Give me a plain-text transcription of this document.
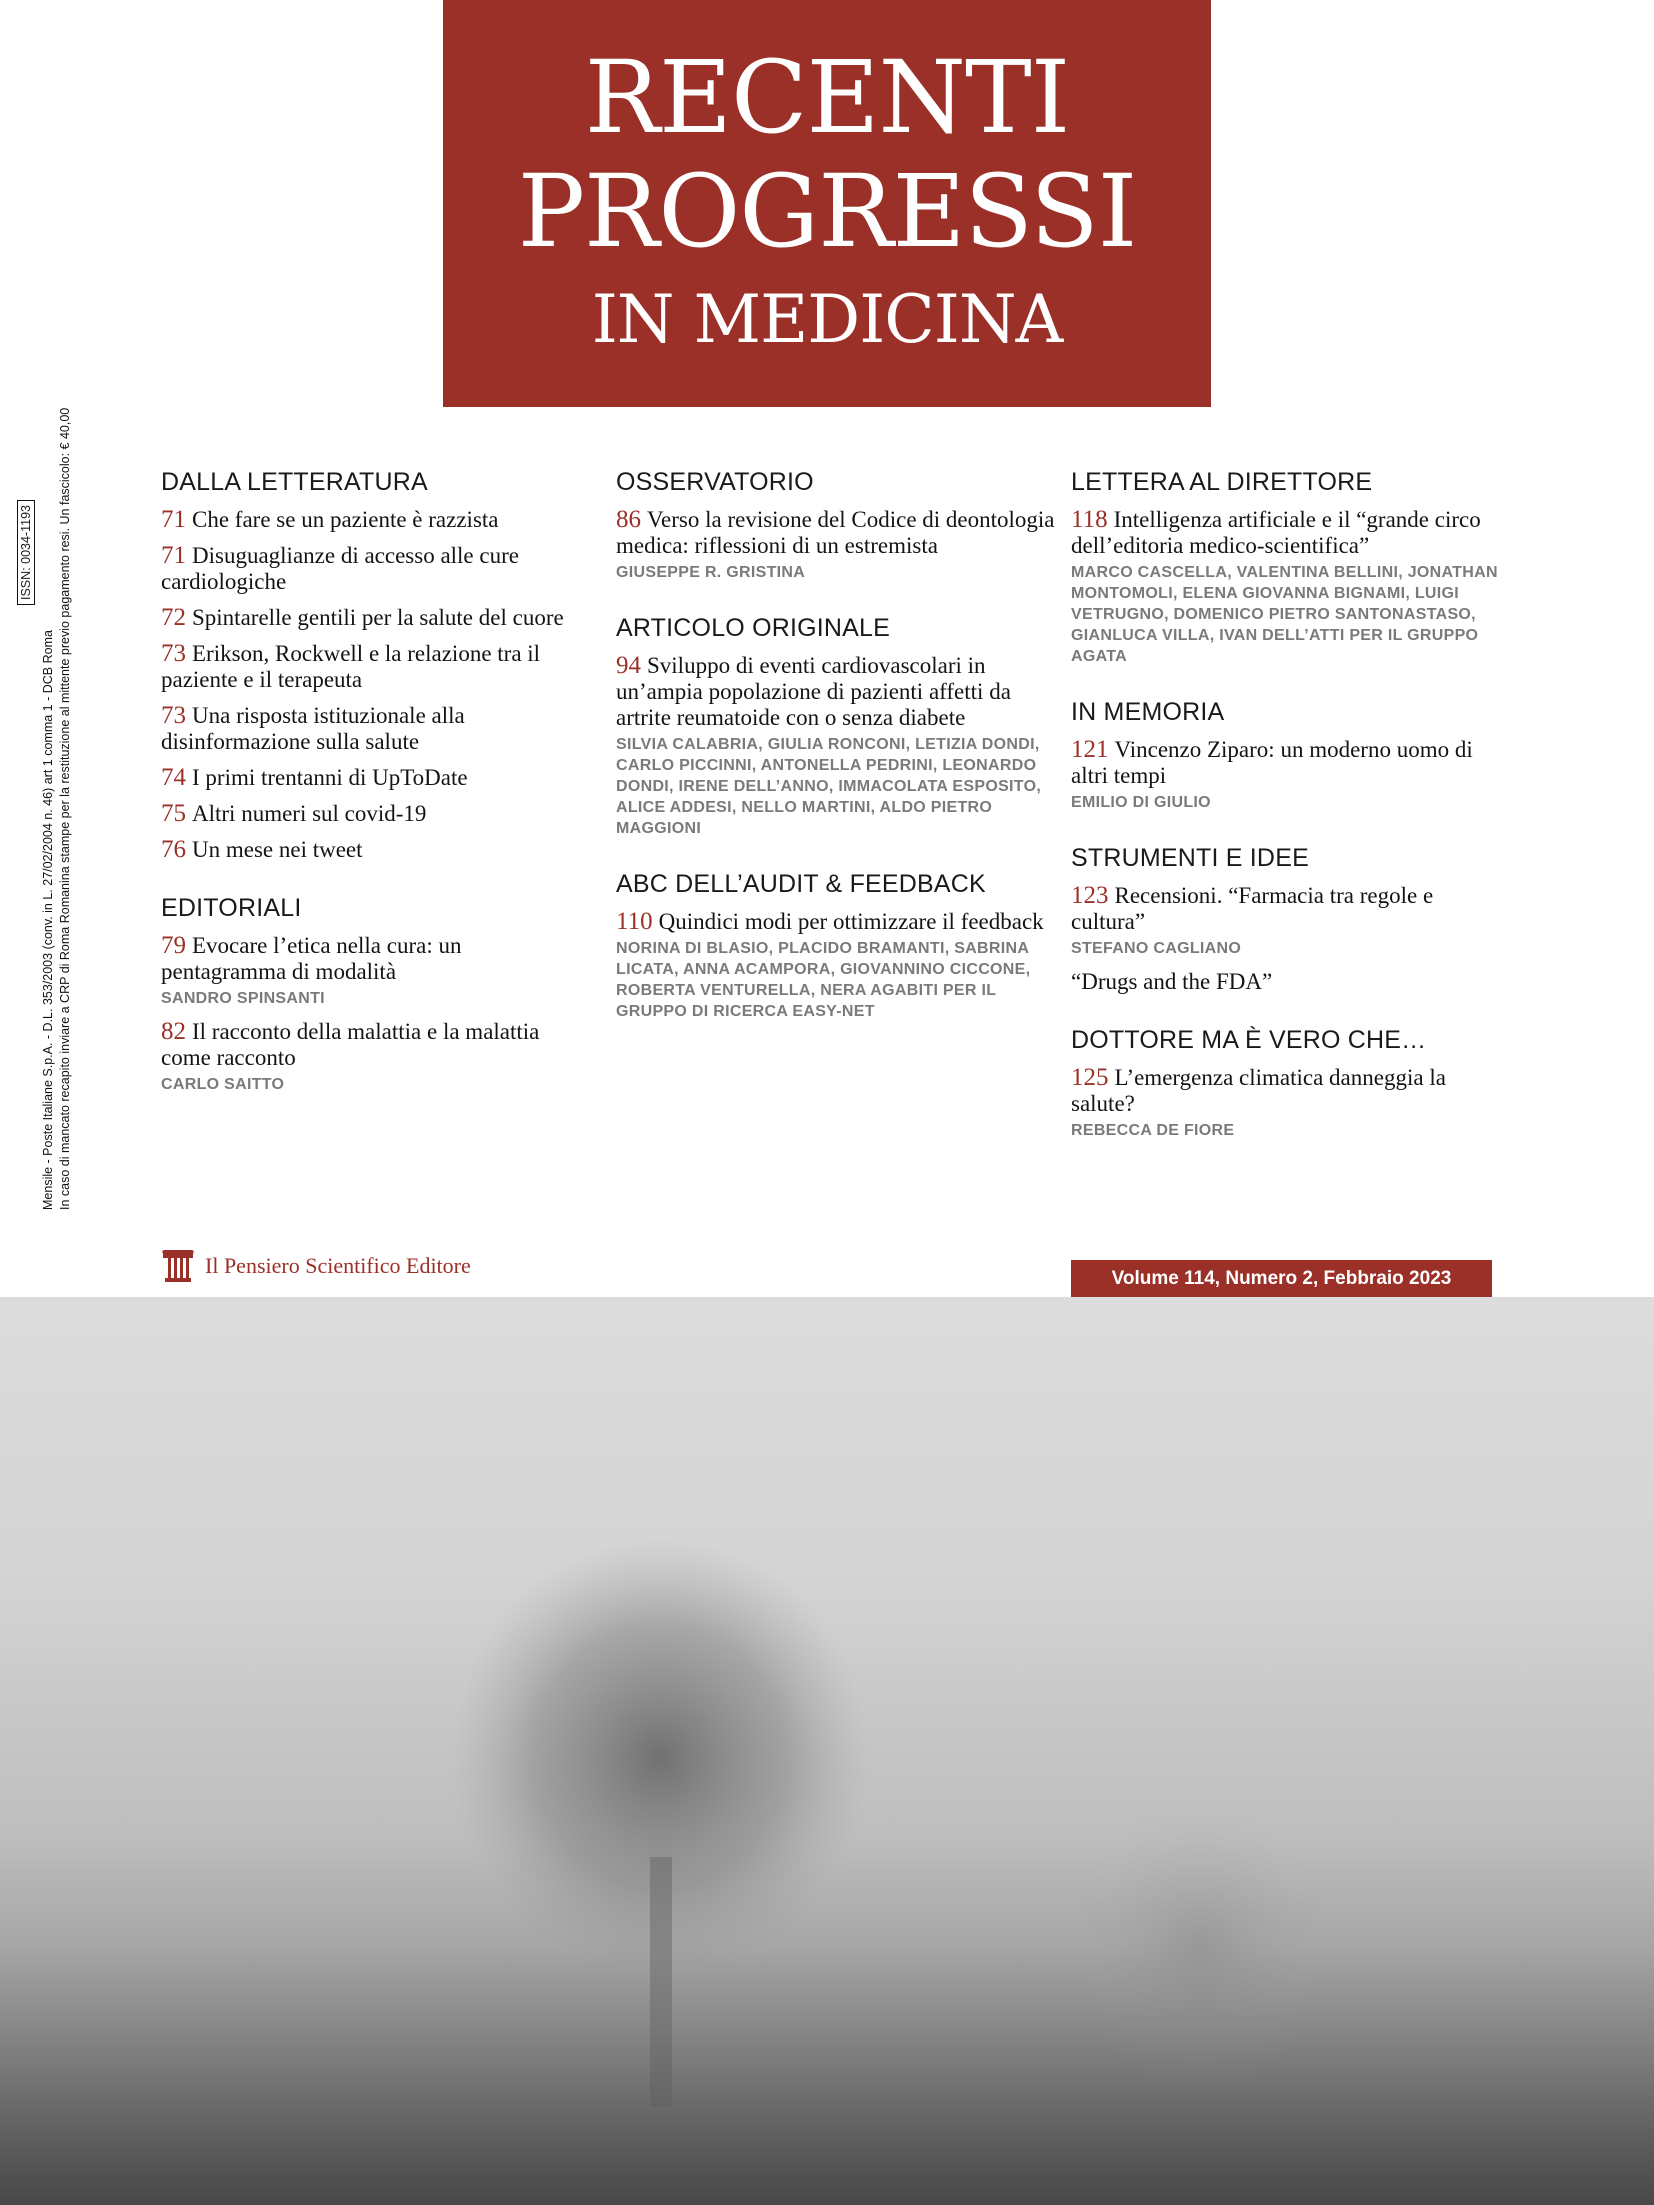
RECENTI
PROGRESSI
IN MEDICINA
Mensile - Poste Italiane S.p.A. - D.L. 353/2003 (conv. in L. 27/02/2004 n. 46) art 1 comma 1 - DCB Roma In caso di mancato recapito inviare a CRP di Roma Romanina stampe per la restituzione al mittente previo pagamento resi. Un fascicolo: € 40,00
ISSN: 0034-1193
DALLA LETTERATURA
71 Che fare se un paziente è razzista
71 Disuguaglianze di accesso alle cure cardiologiche
72 Spintarelle gentili per la salute del cuore
73 Erikson, Rockwell e la relazione tra il paziente e il terapeuta
73 Una risposta istituzionale alla disinformazione sulla salute
74 I primi trentanni di UpToDate
75 Altri numeri sul covid-19
76 Un mese nei tweet
EDITORIALI
79 Evocare l’etica nella cura: un pentagramma di modalità
SANDRO SPINSANTI
82 Il racconto della malattia e la malattia come racconto
CARLO SAITTO
OSSERVATORIO
86 Verso la revisione del Codice di deontologia medica: riflessioni di un estremista
GIUSEPPE R. GRISTINA
ARTICOLO ORIGINALE
94 Sviluppo di eventi cardiovascolari in un’ampia popolazione di pazienti affetti da artrite reumatoide con o senza diabete
SILVIA CALABRIA, GIULIA RONCONI, LETIZIA DONDI, CARLO PICCINNI, ANTONELLA PEDRINI, LEONARDO DONDI, IRENE DELL’ANNO, IMMACOLATA ESPOSITO, ALICE ADDESI, NELLO MARTINI, ALDO PIETRO MAGGIONI
ABC DELL’AUDIT & FEEDBACK
110 Quindici modi per ottimizzare il feedback
NORINA DI BLASIO, PLACIDO BRAMANTI, SABRINA LICATA, ANNA ACAMPORA, GIOVANNINO CICCONE, ROBERTA VENTURELLA, NERA AGABITI PER IL GRUPPO DI RICERCA EASY-NET
LETTERA AL DIRETTORE
118 Intelligenza artificiale e il “grande circo dell’editoria medico-scientifica”
MARCO CASCELLA, VALENTINA BELLINI, JONATHAN MONTOMOLI, ELENA GIOVANNA BIGNAMI, LUIGI VETRUGNO, DOMENICO PIETRO SANTONASTASO, GIANLUCA VILLA, IVAN DELL’ATTI PER IL GRUPPO AGATA
IN MEMORIA
121 Vincenzo Ziparo: un moderno uomo di altri tempi
EMILIO DI GIULIO
STRUMENTI E IDEE
123 Recensioni. “Farmacia tra regole e cultura”
STEFANO CAGLIANO
“Drugs and the FDA”
DOTTORE MA È VERO CHE…
125 L’emergenza climatica danneggia la salute?
REBECCA DE FIORE
Il Pensiero Scientifico Editore
Volume 114, Numero 2, Febbraio 2023
